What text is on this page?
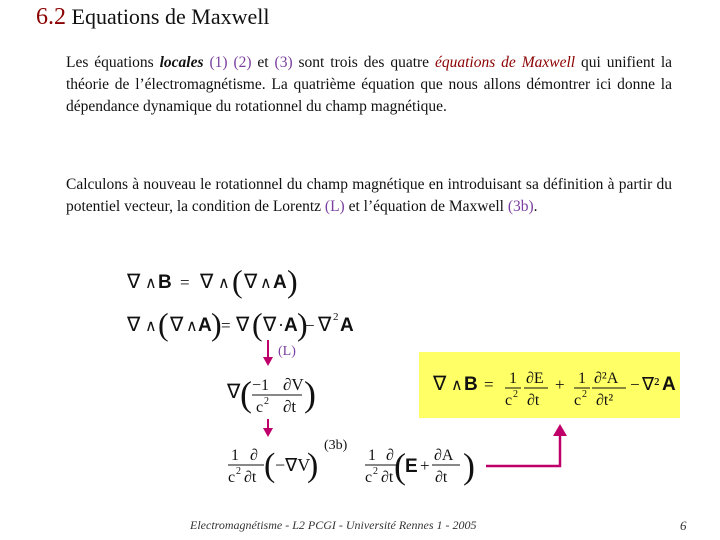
6.2 Equations de Maxwell
Les équations locales (1) (2) et (3) sont trois des quatre équations de Maxwell qui unifient la théorie de l’électromagnétisme. La quatrième équation que nous allons démontrer ici donne la dépendance dynamique du rotationnel du champ magnétique.
Calculons à nouveau le rotationnel du champ magnétique en introduisant sa définition à partir du potentiel vecteur, la condition de Lorentz (L) et l’équation de Maxwell (3b).
∇ ∧ B = ∇ ∧ ( ∇ ∧ A )
∇ ∧ ( ∇ ∧ A ) = ∇ ( ∇ · A )
− ∇ 2 A
(L)
∇ ( −1 ∂V
c 2 ∂t )
1 ∂
c 2 ∂t ( −∇V
)
(3b)
1 ∂
c 2 ∂t ( E +
∂A
∂t )
∇ ∧ B = 1
c 2
∂E
∂t
+ 1
c 2
∂²A
∂t²
− ∇² A
Electromagnétisme - L2 PCGI - Université Rennes 1 - 2005	6
